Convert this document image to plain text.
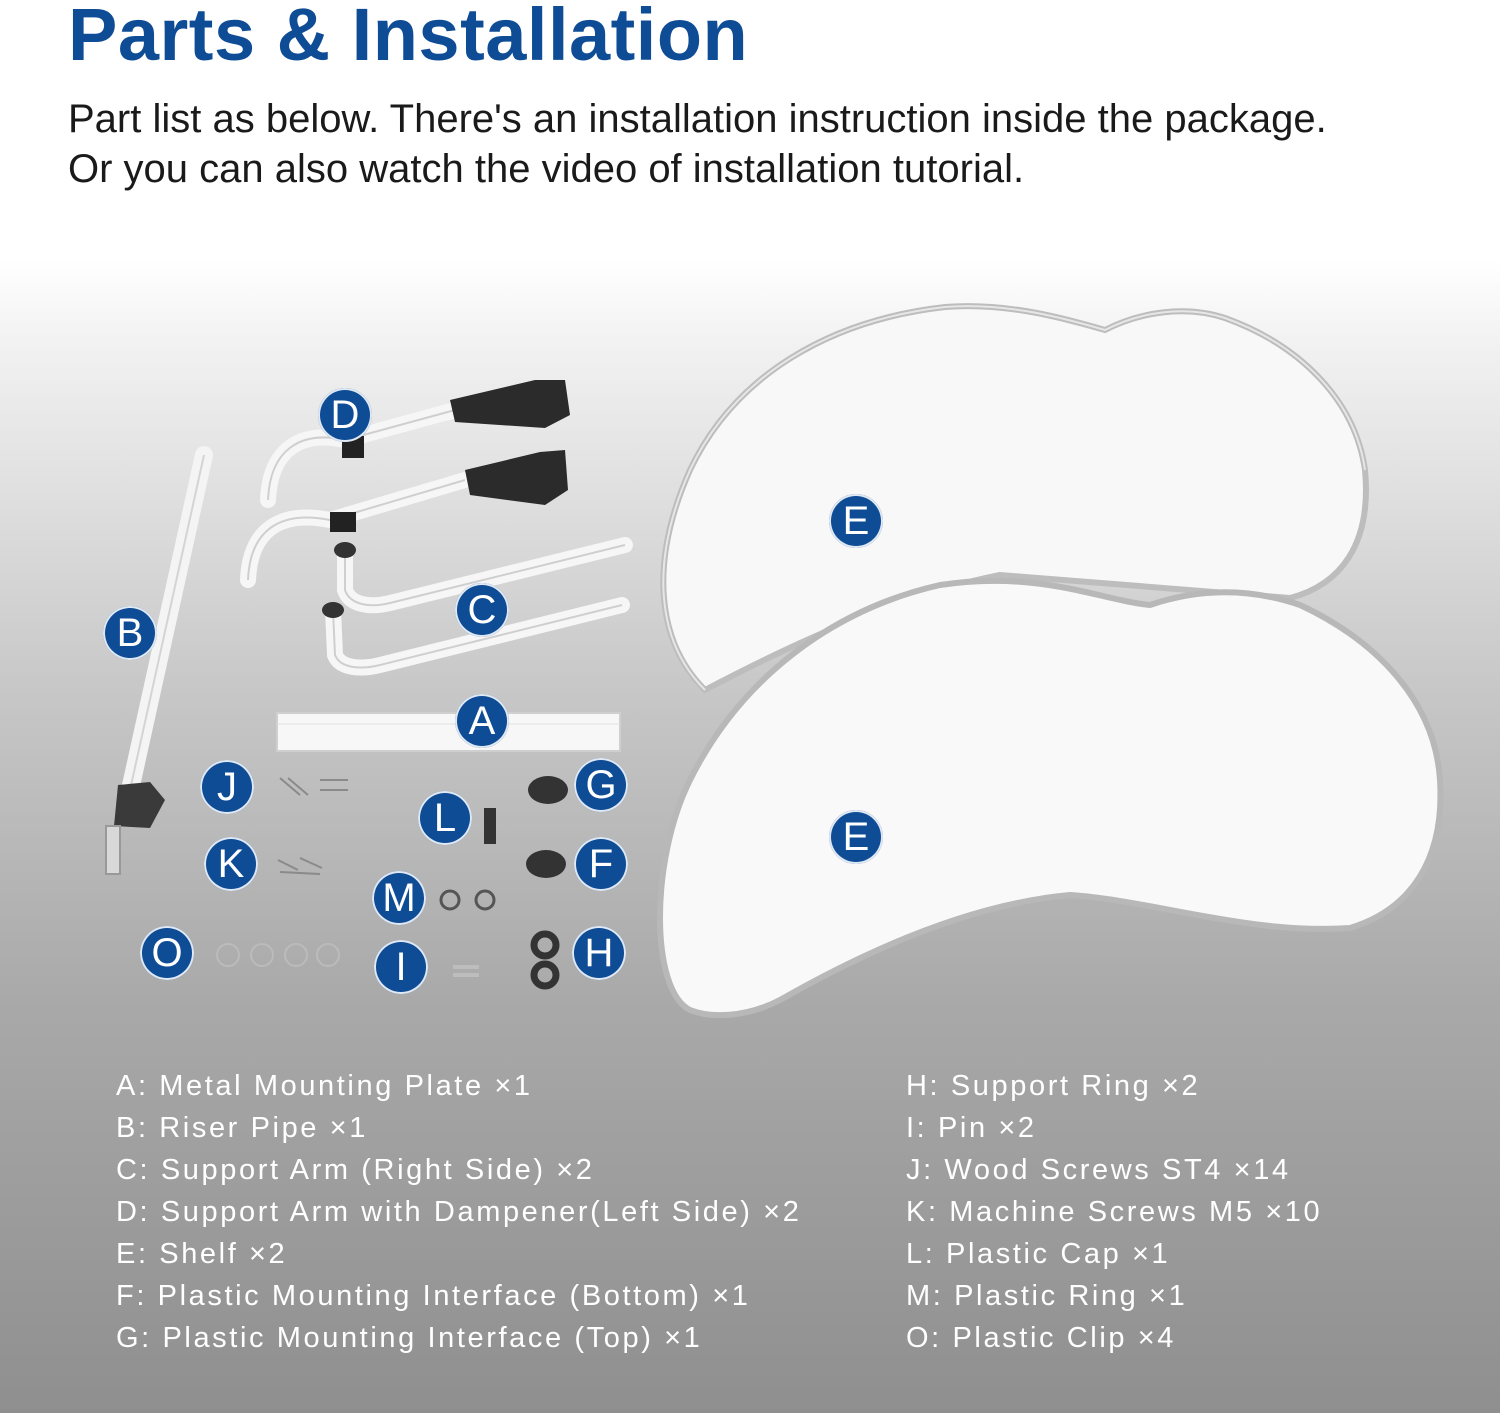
Parts & Installation
Part list as below. There's an installation instruction inside the package.
Or you can also watch the video of installation tutorial.
D
E
C
B
A
J	G
L	E
K	F
M
H
O	I
A: Metal Mounting Plate ×1
B: Riser Pipe ×1
C: Support Arm (Right Side) ×2
D: Support Arm with Dampener(Left Side) ×2
E: Shelf ×2
F: Plastic Mounting Interface (Bottom) ×1
G: Plastic Mounting Interface (Top) ×1
H: Support Ring ×2
I: Pin ×2
J: Wood Screws ST4 ×14
K: Machine Screws M5 ×10
L: Plastic Cap ×1
M: Plastic Ring ×1
O: Plastic Clip ×4
